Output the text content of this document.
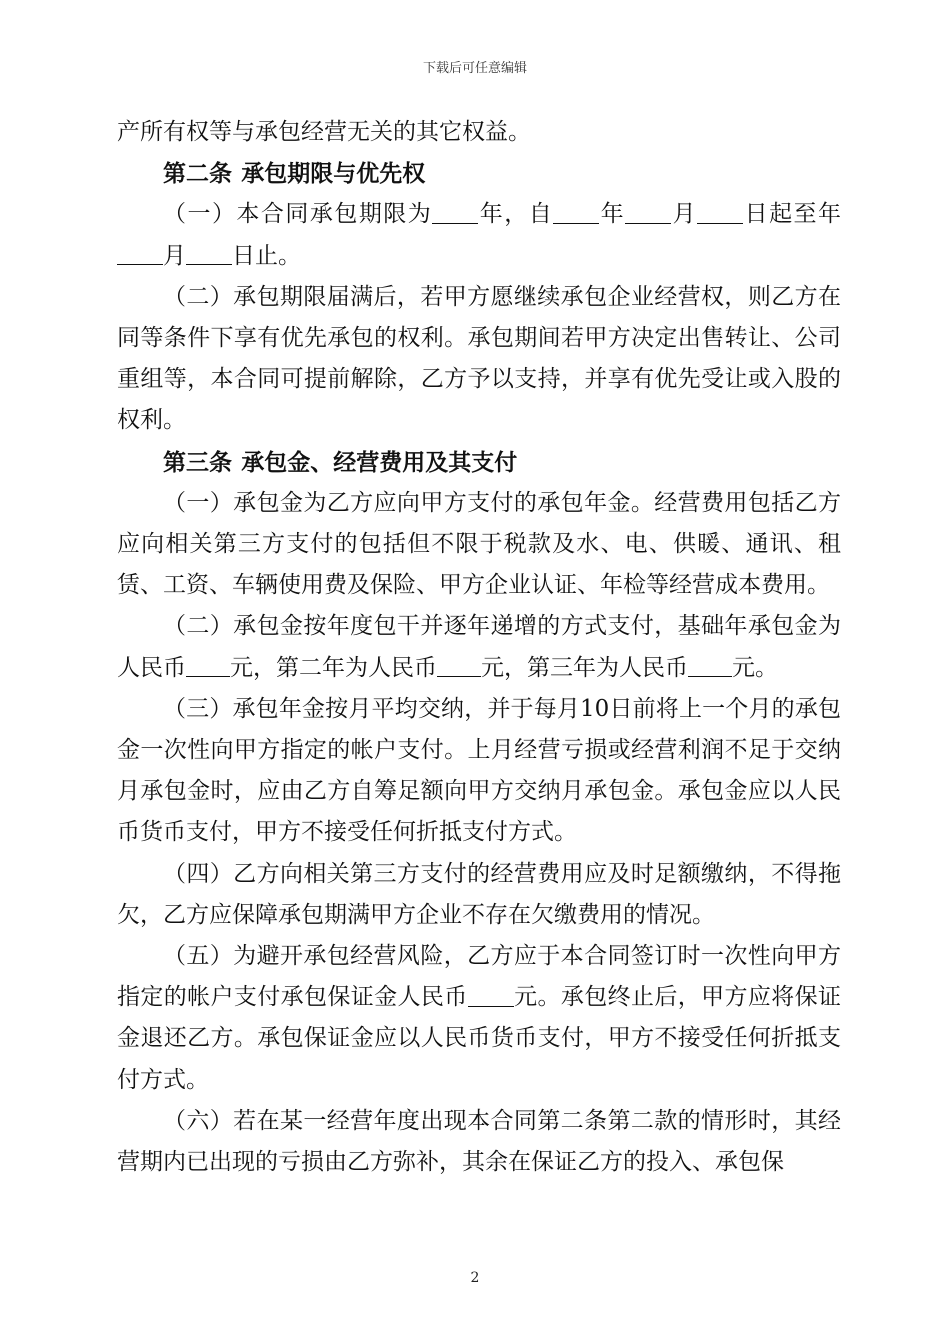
下载后可任意编辑

产所有权等与承包经营无关的其它权益。

第二条 承包期限与优先权

（一）本合同承包期限为 年，自 年 月 日起至年月 日止。

（二）承包期限届满后，若甲方愿继续承包企业经营权，则乙方在同等条件下享有优先承包的权利。承包期间若甲方决定出售转让、公司重组等，本合同可提前解除，乙方予以支持，并享有优先受让或入股的权利。

第三条 承包金、经营费用及其支付

（一）承包金为乙方应向甲方支付的承包年金。经营费用包括乙方应向相关第三方支付的包括但不限于税款及水、电、供暖、通讯、租赁、工资、车辆使用费及保险、甲方企业认证、年检等经营成本费用。

（二）承包金按年度包干并逐年递增的方式支付，基础年承包金为人民币 元，第二年为人民币 元，第三年为人民币 元。

（三）承包年金按月平均交纳，并于每月10日前将上一个月的承包金一次性向甲方指定的帐户支付。上月经营亏损或经营利润不足于交纳月承包金时，应由乙方自筹足额向甲方交纳月承包金。承包金应以人民币货币支付，甲方不接受任何折抵支付方式。

（四）乙方向相关第三方支付的经营费用应及时足额缴纳，不得拖欠，乙方应保障承包期满甲方企业不存在欠缴费用的情况。

（五）为避开承包经营风险，乙方应于本合同签订时一次性向甲方指定的帐户支付承包保证金人民币 元。承包终止后，甲方应将保证金退还乙方。承包保证金应以人民币货币支付，甲方不接受任何折抵支付方式。

（六）若在某一经营年度出现本合同第二条第二款的情形时，其经营期内已出现的亏损由乙方弥补，其余在保证乙方的投入、承包保

2
